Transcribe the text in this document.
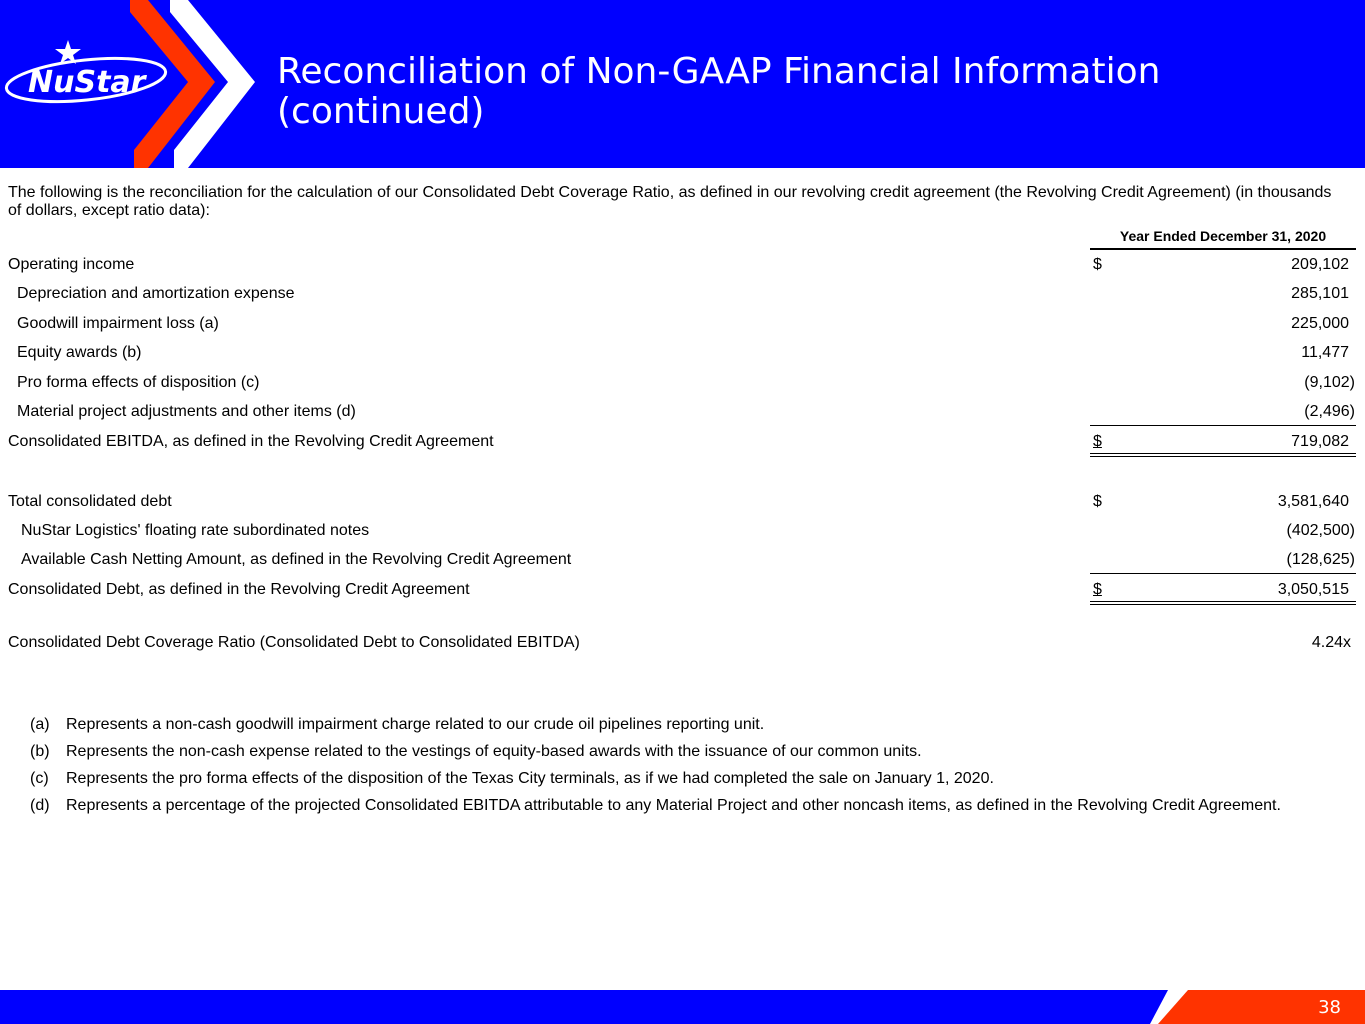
NuStar	Reconciliation of Non-GAAP Financial Information (continued)
The following is the reconciliation for the calculation of our Consolidated Debt Coverage Ratio, as defined in our revolving credit agreement (the Revolving Credit Agreement) (in thousands of dollars, except ratio data):
Year Ended December 31, 2020
Operating income	$	209,102
Depreciation and amortization expense	285,101
Goodwill impairment loss (a)	225,000
Equity awards (b)	11,477
Pro forma effects of disposition (c)	(9,102)
Material project adjustments and other items (d)	(2,496)
Consolidated EBITDA, as defined in the Revolving Credit Agreement	$	719,082
Total consolidated debt	$	3,581,640
NuStar Logistics' floating rate subordinated notes	(402,500)
Available Cash Netting Amount, as defined in the Revolving Credit Agreement	(128,625)
Consolidated Debt, as defined in the Revolving Credit Agreement	$	3,050,515
Consolidated Debt Coverage Ratio (Consolidated Debt to Consolidated EBITDA)	4.24x
(a) Represents a non-cash goodwill impairment charge related to our crude oil pipelines reporting unit.
(b) Represents the non-cash expense related to the vestings of equity-based awards with the issuance of our common units.
(c) Represents the pro forma effects of the disposition of the Texas City terminals, as if we had completed the sale on January 1, 2020.
(d) Represents a percentage of the projected Consolidated EBITDA attributable to any Material Project and other noncash items, as defined in the Revolving Credit Agreement.
38
